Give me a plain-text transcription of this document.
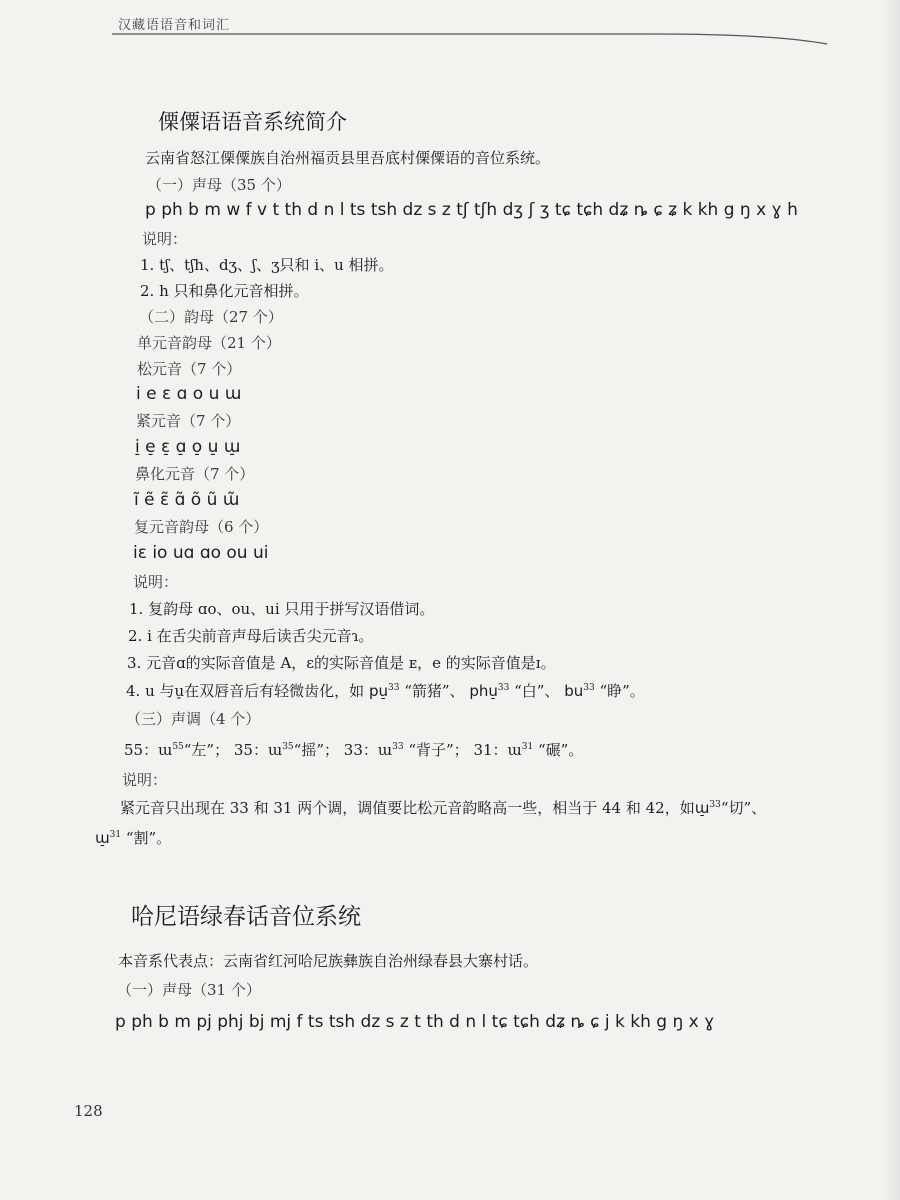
汉藏语语音和词汇
傈僳语语音系统简介

云南省怒江傈僳族自治州福贡县里吾底村傈僳语的音位系统。

（一）声母（35 个）

p ph b m w f v t th d n l ts tsh dz s z tʃ tʃh dʒ ʃ ʒ tɕ tɕh dʑ ȵ ɕ ʑ k kh g ŋ x ɣ h

说明：

1. tʃ、tʃh、dʒ、ʃ、ʒ只和 i、u 相拼。

2. h 只和鼻化元音相拼。

（二）韵母（27 个）

单元音韵母（21 个）

松元音（7 个）

i e ɛ ɑ o u ɯ

紧元音（7 个）

i̠ e̠ ɛ̠ ɑ̠ o̠ u̠ ɯ̠

鼻化元音（7 个）

ĩ ẽ ɛ̃ ɑ̃ õ ũ ɯ̃

复元音韵母（6 个）

iɛ io uɑ ɑo ou ui

说明：

1. 复韵母 ɑo、ou、ui 只用于拼写汉语借词。

2. i 在舌尖前音声母后读舌尖元音ɿ。

3. 元音ɑ的实际音值是 A，ɛ的实际音值是 ᴇ，e 的实际音值是ɪ。

4. u 与u̠在双唇音后有轻微齿化，如 pu̠$^{33}$ “箭猪”、 phu̠$^{33}$ “白”、 $bu^{33}$ “睁”。

（三）声调（4 个）

55：ɯ$^{55}$“左”； 35：ɯ$^{35}$“摇”； 33：ɯ$^{33}$ “背子”； 31：ɯ$^{31}$ “碾”。

说明：

紧元音只出现在 33 和 31 两个调，调值要比松元音韵略高一些，相当于 44 和 42，如ɯ̠$^{33}$“切”、

ɯ̠$^{31}$ “割”。

哈尼语绿春话音位系统

本音系代表点：云南省红河哈尼族彝族自治州绿春县大寨村话。

（一）声母（31 个）

p ph b m pj phj bj mj f ts tsh dz s z t th d n l tɕ tɕh dʑ ȵ ɕ j k kh g ŋ x ɣ

128
